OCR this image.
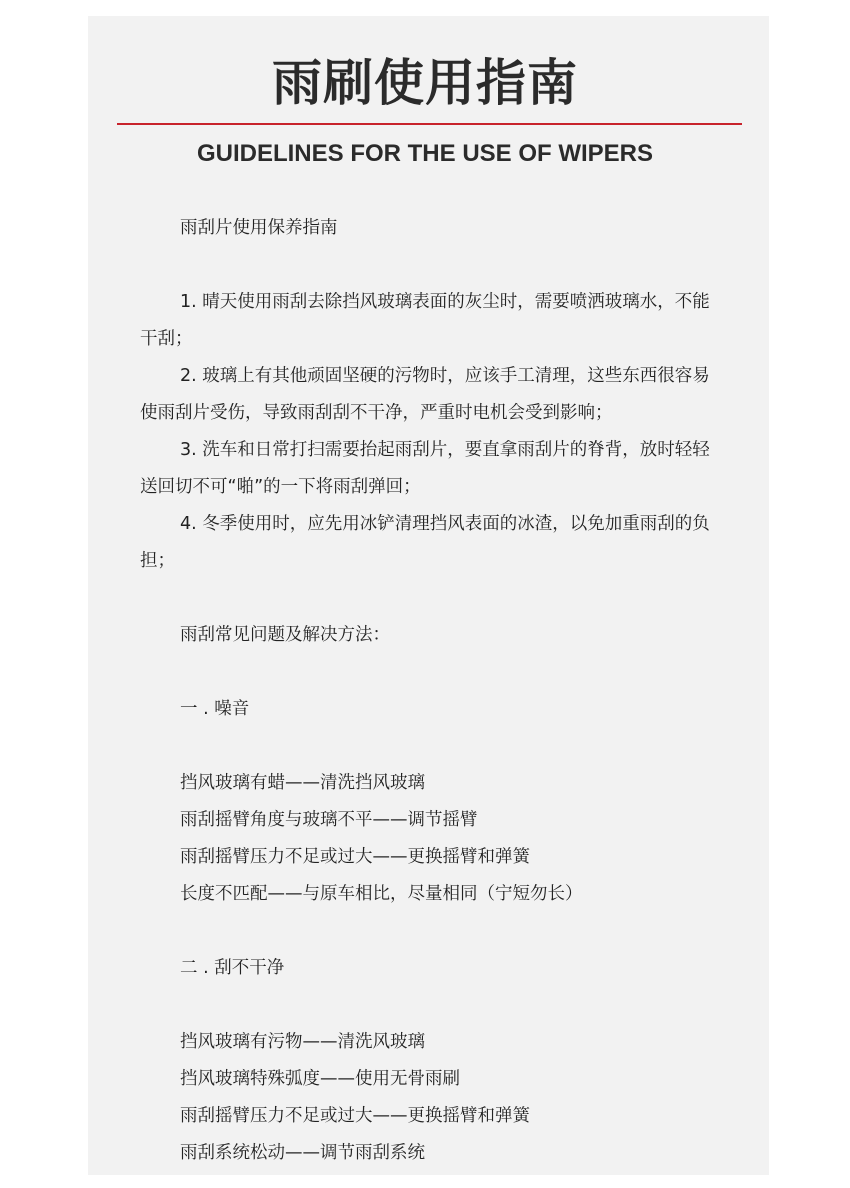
雨刷使用指南
GUIDELINES FOR THE USE OF WIPERS

雨刮片使用保养指南

1. 晴天使用雨刮去除挡风玻璃表面的灰尘时，需要喷洒玻璃水，不能干刮；

2. 玻璃上有其他顽固坚硬的污物时，应该手工清理，这些东西很容易使雨刮片受伤，导致雨刮刮不干净，严重时电机会受到影响；

3. 洗车和日常打扫需要抬起雨刮片，要直拿雨刮片的脊背，放时轻轻送回切不可“啪”的一下将雨刮弹回；

4. 冬季使用时，应先用冰铲清理挡风表面的冰渣，以免加重雨刮的负担；

雨刮常见问题及解决方法：

一 . 噪音

挡风玻璃有蜡——清洗挡风玻璃

雨刮摇臂角度与玻璃不平——调节摇臂

雨刮摇臂压力不足或过大——更换摇臂和弹簧

长度不匹配——与原车相比，尽量相同（宁短勿长）

二 . 刮不干净

挡风玻璃有污物——清洗风玻璃

挡风玻璃特殊弧度——使用无骨雨刷

雨刮摇臂压力不足或过大——更换摇臂和弹簧

雨刮系统松动——调节雨刮系统
